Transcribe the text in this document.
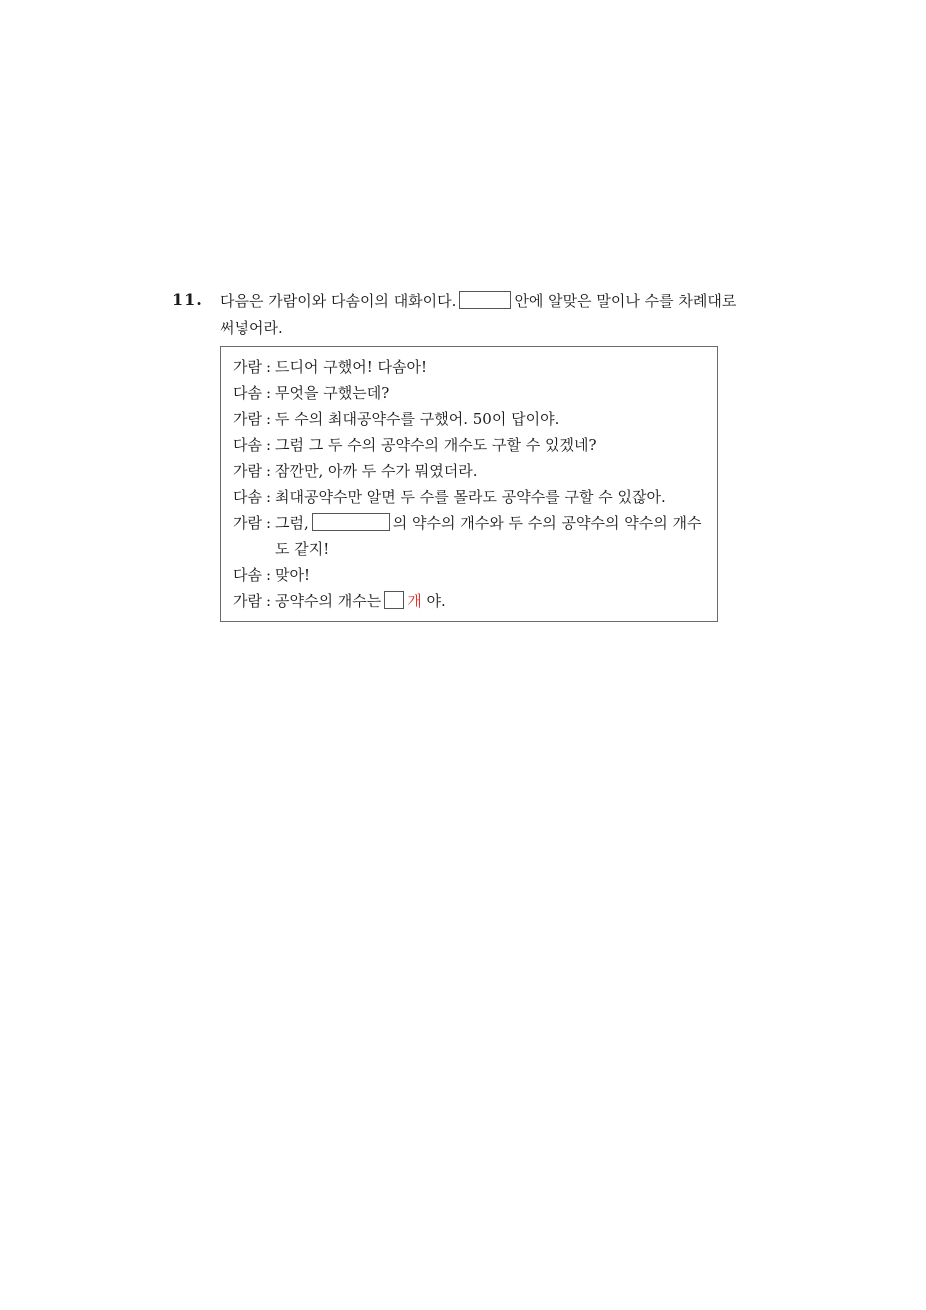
11. 다음은 가람이와 다솜이의 대화이다.	안에 알맞은 말이나 수를 차례대로
써넣어라.
가람 : 드디어 구했어! 다솜아!
다솜 : 무엇을 구했는데?
가람 : 두 수의 최대공약수를 구했어. 50이 답이야.
다솜 : 그럼 그 두 수의 공약수의 개수도 구할 수 있겠네?
가람 : 잠깐만, 아까 두 수가 뭐였더라.
다솜 : 최대공약수만 알면 두 수를 몰라도 공약수를 구할 수 있잖아.
가람 : 그럼,	의 약수의 개수와 두 수의 공약수의 약수의 개수
도 같지!
다솜 : 맞아!
가람 : 공약수의 개수는 개 야.
